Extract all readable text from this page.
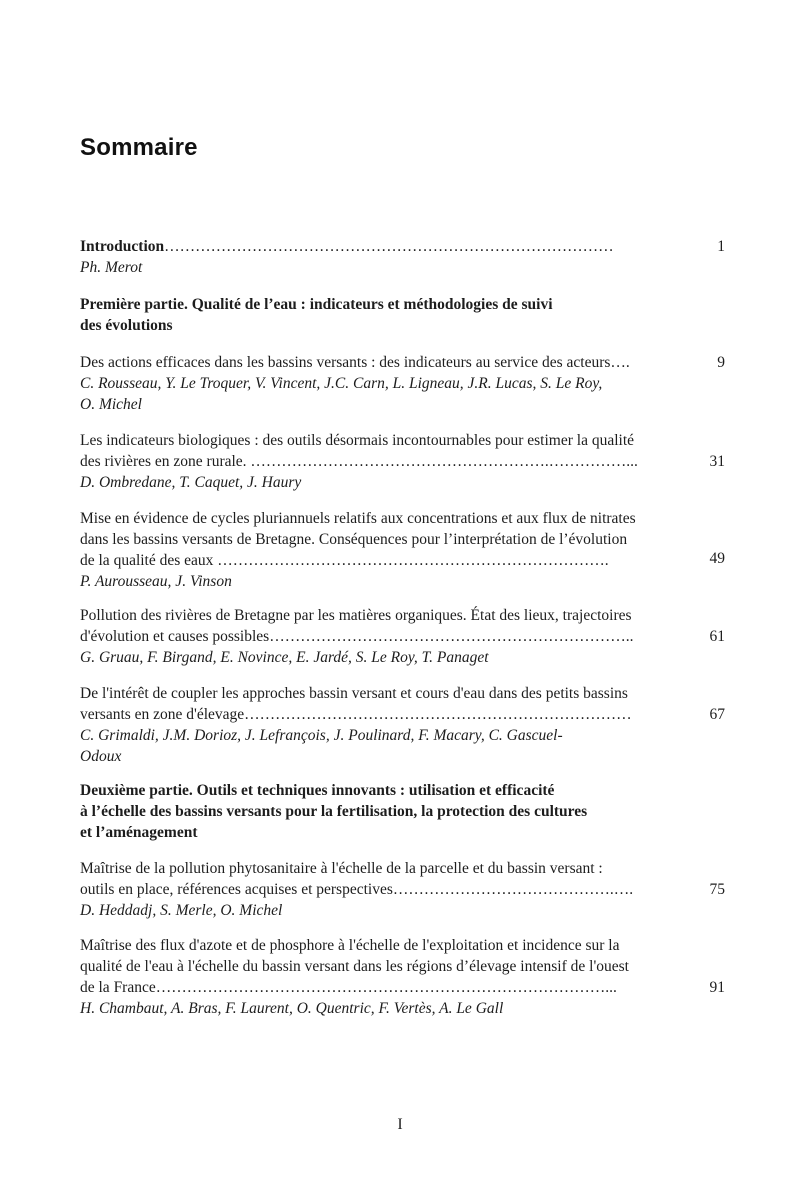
Sommaire
Introduction……………………………………………………………………………	1
Ph. Merot
Première partie. Qualité de l’eau : indicateurs et méthodologies de suivi
des évolutions
Des actions efficaces dans les bassins versants : des indicateurs au service des acteurs….	9
C. Rousseau, Y. Le Troquer, V. Vincent, J.C. Carn, L. Ligneau, J.R. Lucas, S. Le Roy,
O. Michel
Les indicateurs biologiques : des outils désormais incontournables pour estimer la qualité
des rivières en zone rurale. ………………………………………………….……………...	31
D. Ombredane, T. Caquet, J. Haury
Mise en évidence de cycles pluriannuels relatifs aux concentrations et aux flux de nitrates
dans les bassins versants de Bretagne. Conséquences pour l’interprétation de l’évolution
de la qualité des eaux ………………………………………………………………….	49
P. Aurousseau, J. Vinson
Pollution des rivières de Bretagne par les matières organiques. État des lieux, trajectoires
d'évolution et causes possibles……………………………………………………………..	61
G. Gruau, F. Birgand, E. Novince, E. Jardé, S. Le Roy, T. Panaget
De l'intérêt de coupler les approches bassin versant et cours d'eau dans des petits bassins
versants en zone d'élevage…………………………………………………………………	67
C. Grimaldi, J.M. Dorioz, J. Lefrançois, J. Poulinard, F. Macary, C. Gascuel-
Odoux
Deuxième partie. Outils et techniques innovants : utilisation et efficacité
à l’échelle des bassins versants pour la fertilisation, la protection des cultures
et l’aménagement
Maîtrise de la pollution phytosanitaire à l'échelle de la parcelle et du bassin versant :
outils en place, références acquises et perspectives…………………………………….….	75
D. Heddadj, S. Merle, O. Michel
Maîtrise des flux d'azote et de phosphore à l'échelle de l'exploitation et incidence sur la
qualité de l'eau à l'échelle du bassin versant dans les régions d’élevage intensif de l'ouest
de la France……………………………………………………………………………...	91
H. Chambaut, A. Bras, F. Laurent, O. Quentric, F. Vertès, A. Le Gall
I
